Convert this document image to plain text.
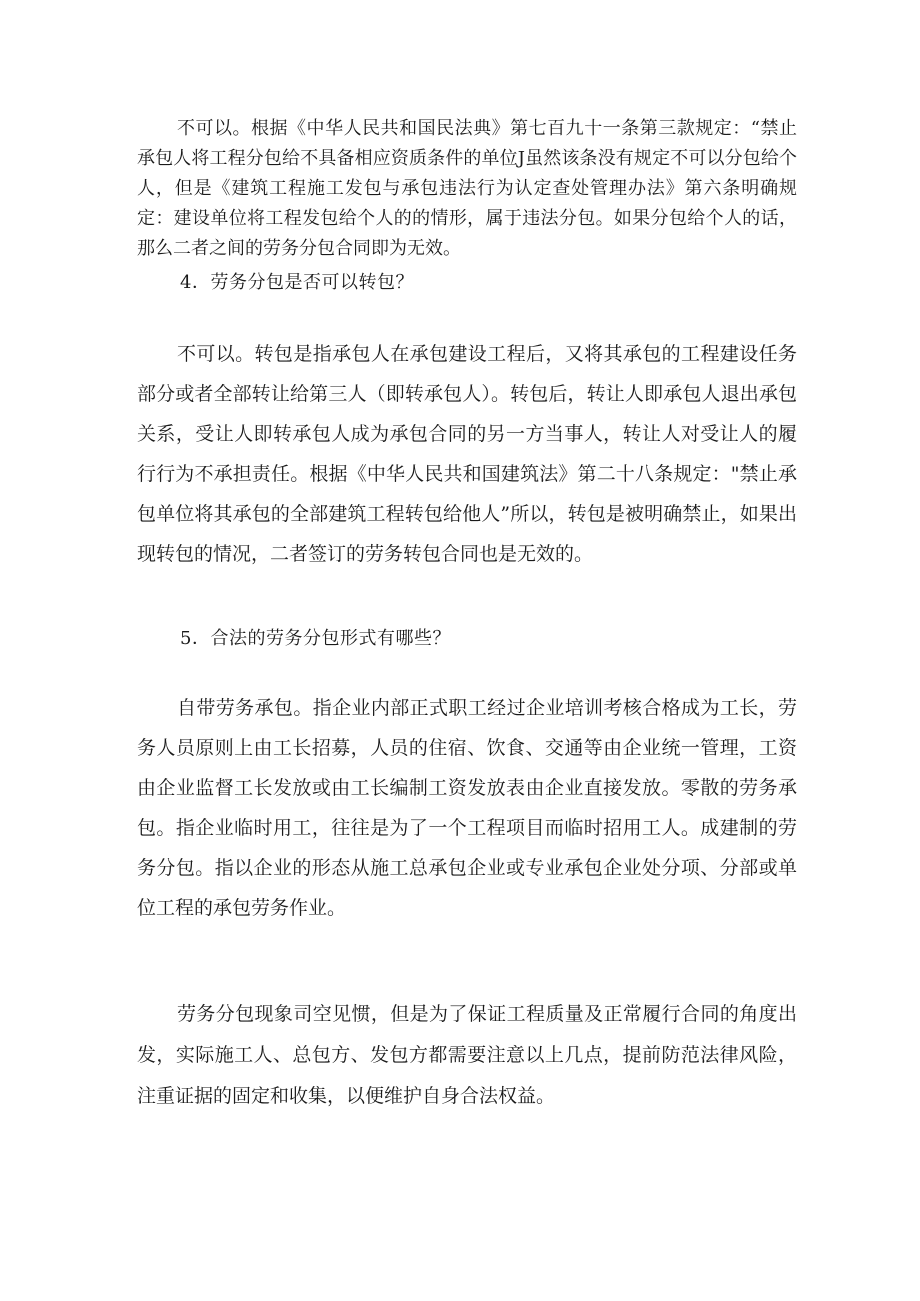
不可以。根据《中华人民共和国民法典》第七百九十一条第三款规定：“禁止承包人将工程分包给不具备相应资质条件的单位J虽然该条没有规定不可以分包给个人，但是《建筑工程施工发包与承包违法行为认定查处管理办法》第六条明确规定：建设单位将工程发包给个人的的情形，属于违法分包。如果分包给个人的话，那么二者之间的劳务分包合同即为无效。

4．劳务分包是否可以转包？

不可以。转包是指承包人在承包建设工程后，又将其承包的工程建设任务部分或者全部转让给第三人（即转承包人）。转包后，转让人即承包人退出承包关系，受让人即转承包人成为承包合同的另一方当事人，转让人对受让人的履行行为不承担责任。根据《中华人民共和国建筑法》第二十八条规定："禁止承包单位将其承包的全部建筑工程转包给他人”所以，转包是被明确禁止，如果出现转包的情况，二者签订的劳务转包合同也是无效的。

5．合法的劳务分包形式有哪些？

自带劳务承包。指企业内部正式职工经过企业培训考核合格成为工长，劳务人员原则上由工长招募，人员的住宿、饮食、交通等由企业统一管理，工资由企业监督工长发放或由工长编制工资发放表由企业直接发放。零散的劳务承包。指企业临时用工，往往是为了一个工程项目而临时招用工人。成建制的劳务分包。指以企业的形态从施工总承包企业或专业承包企业处分项、分部或单位工程的承包劳务作业。

劳务分包现象司空见惯，但是为了保证工程质量及正常履行合同的角度出发，实际施工人、总包方、发包方都需要注意以上几点，提前防范法律风险，注重证据的固定和收集，以便维护自身合法权益。
